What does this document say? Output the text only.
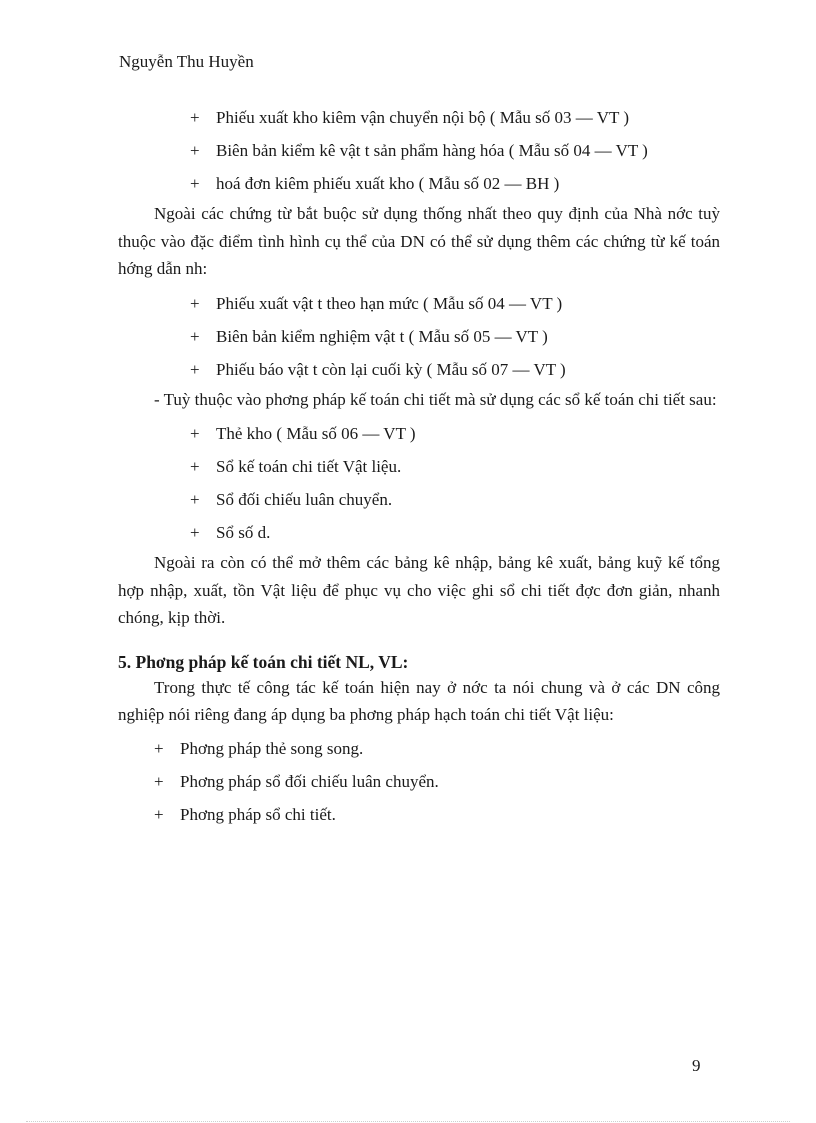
Nguyễn Thu Huyền
+ Phiếu xuất kho kiêm vận chuyển nội bộ ( Mẫu số 03 — VT )
+ Biên bản kiểm kê vật t sản phẩm hàng hóa ( Mẫu số 04 — VT )
+ hoá đơn kiêm phiếu xuất kho ( Mẫu số 02 — BH )

Ngoài các chứng từ bắt buộc sử dụng thống nhất theo quy định của Nhà nớc tuỳ thuộc vào đặc điểm tình hình cụ thể của DN có thể sử dụng thêm các chứng từ kế toán hớng dẫn nh:

+ Phiếu xuất vật t theo hạn mức ( Mẫu số 04 — VT )
+ Biên bản kiểm nghiệm vật t ( Mẫu số 05 — VT )
+ Phiếu báo vật t còn lại cuối kỳ ( Mẫu số 07 — VT )

- Tuỳ thuộc vào phơng pháp kế toán chi tiết mà sử dụng các sổ kế toán chi tiết sau:

+ Thẻ kho ( Mẫu số 06 — VT )
+ Sổ kế toán chi tiết Vật liệu.
+ Sổ đối chiếu luân chuyển.
+ Sổ số d.

Ngoài ra còn có thể mở thêm các bảng kê nhập, bảng kê xuất, bảng kuỹ kế tổng hợp nhập, xuất, tồn Vật liệu để phục vụ cho việc ghi sổ chi tiết đợc đơn giản, nhanh chóng, kịp thời.

5. Phơng pháp kế toán chi tiết NL, VL:

Trong thực tế công tác kế toán hiện nay ở nớc ta nói chung và ở các DN công nghiệp nói riêng đang áp dụng ba phơng pháp hạch toán chi tiết Vật liệu:

+ Phơng pháp thẻ song song.
+ Phơng pháp sổ đối chiếu luân chuyển.
+ Phơng pháp sổ chi tiết.
9
